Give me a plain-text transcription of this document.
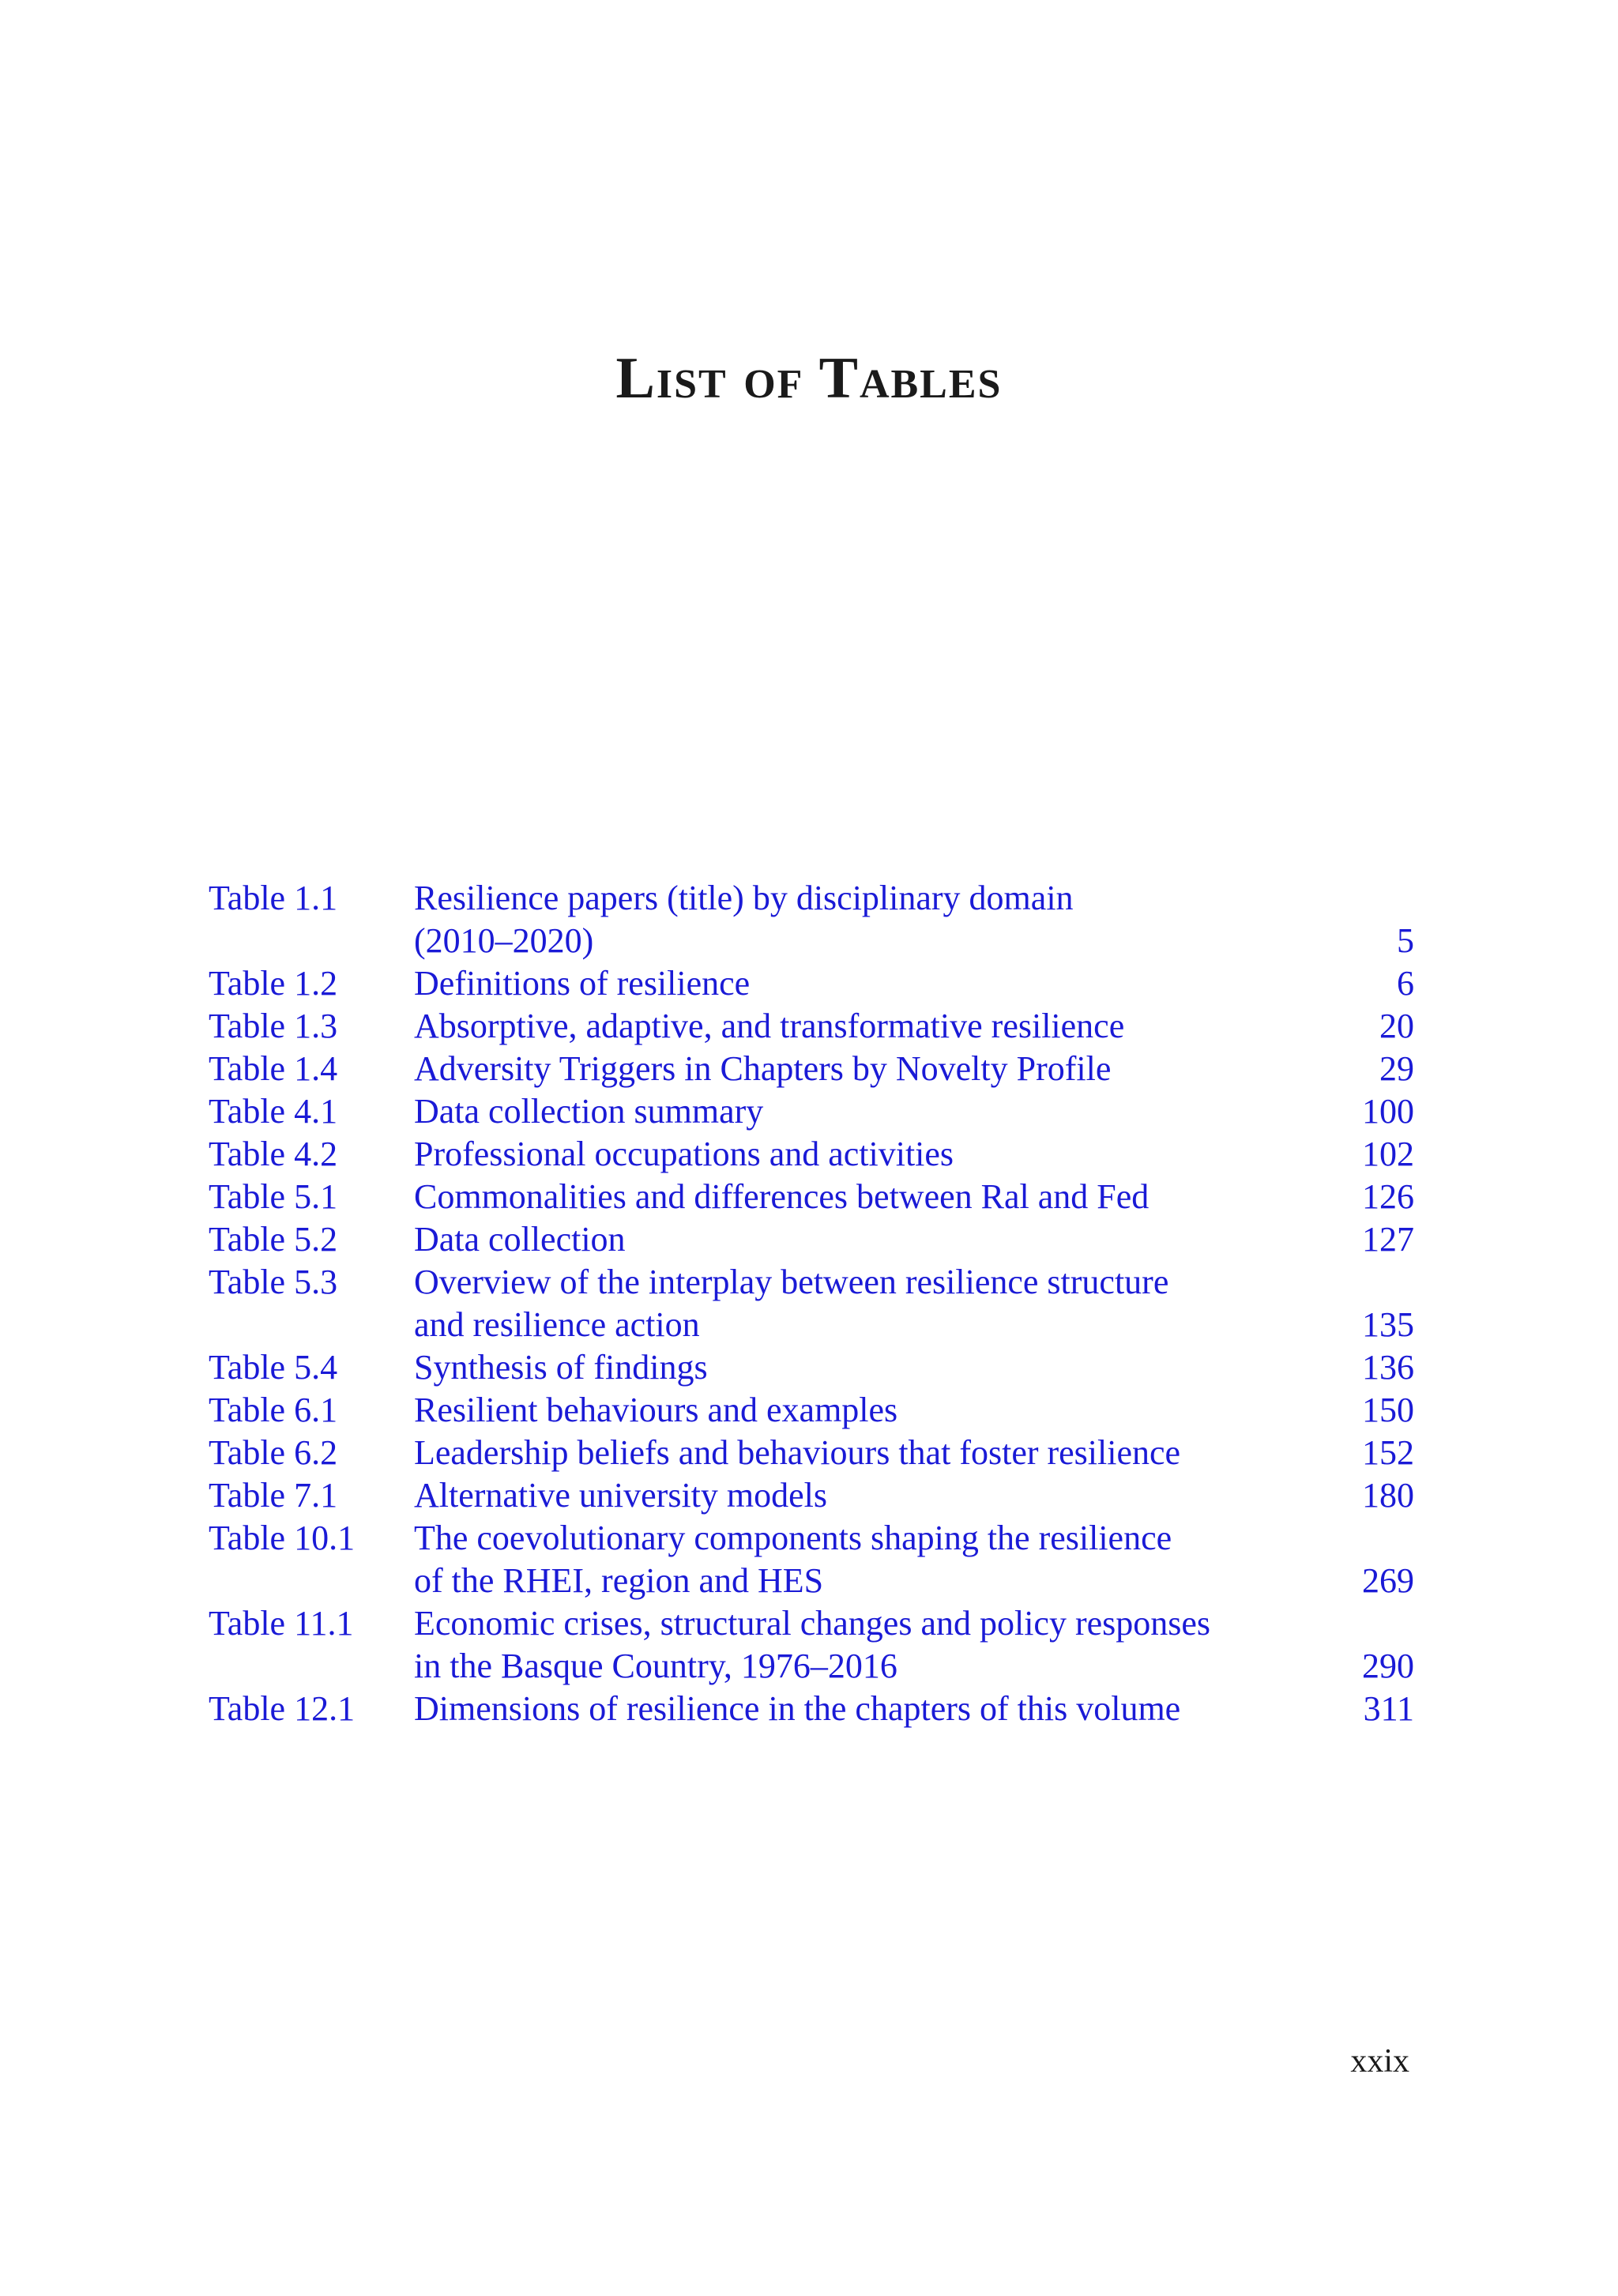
List of Tables
Table 1.1	Resilience papers (title) by disciplinary domain
(2010–2020)	5
Table 1.2	Definitions of resilience	6
Table 1.3	Absorptive, adaptive, and transformative resilience	20
Table 1.4	Adversity Triggers in Chapters by Novelty Profile	29
Table 4.1	Data collection summary	100
Table 4.2	Professional occupations and activities	102
Table 5.1	Commonalities and differences between Ral and Fed	126
Table 5.2	Data collection	127
Table 5.3	Overview of the interplay between resilience structure
and resilience action	135
Table 5.4	Synthesis of findings	136
Table 6.1	Resilient behaviours and examples	150
Table 6.2	Leadership beliefs and behaviours that foster resilience	152
Table 7.1	Alternative university models	180
Table 10.1	The coevolutionary components shaping the resilience
of the RHEI, region and HES	269
Table 11.1	Economic crises, structural changes and policy responses
in the Basque Country, 1976–2016	290
Table 12.1	Dimensions of resilience in the chapters of this volume	311
xxix
